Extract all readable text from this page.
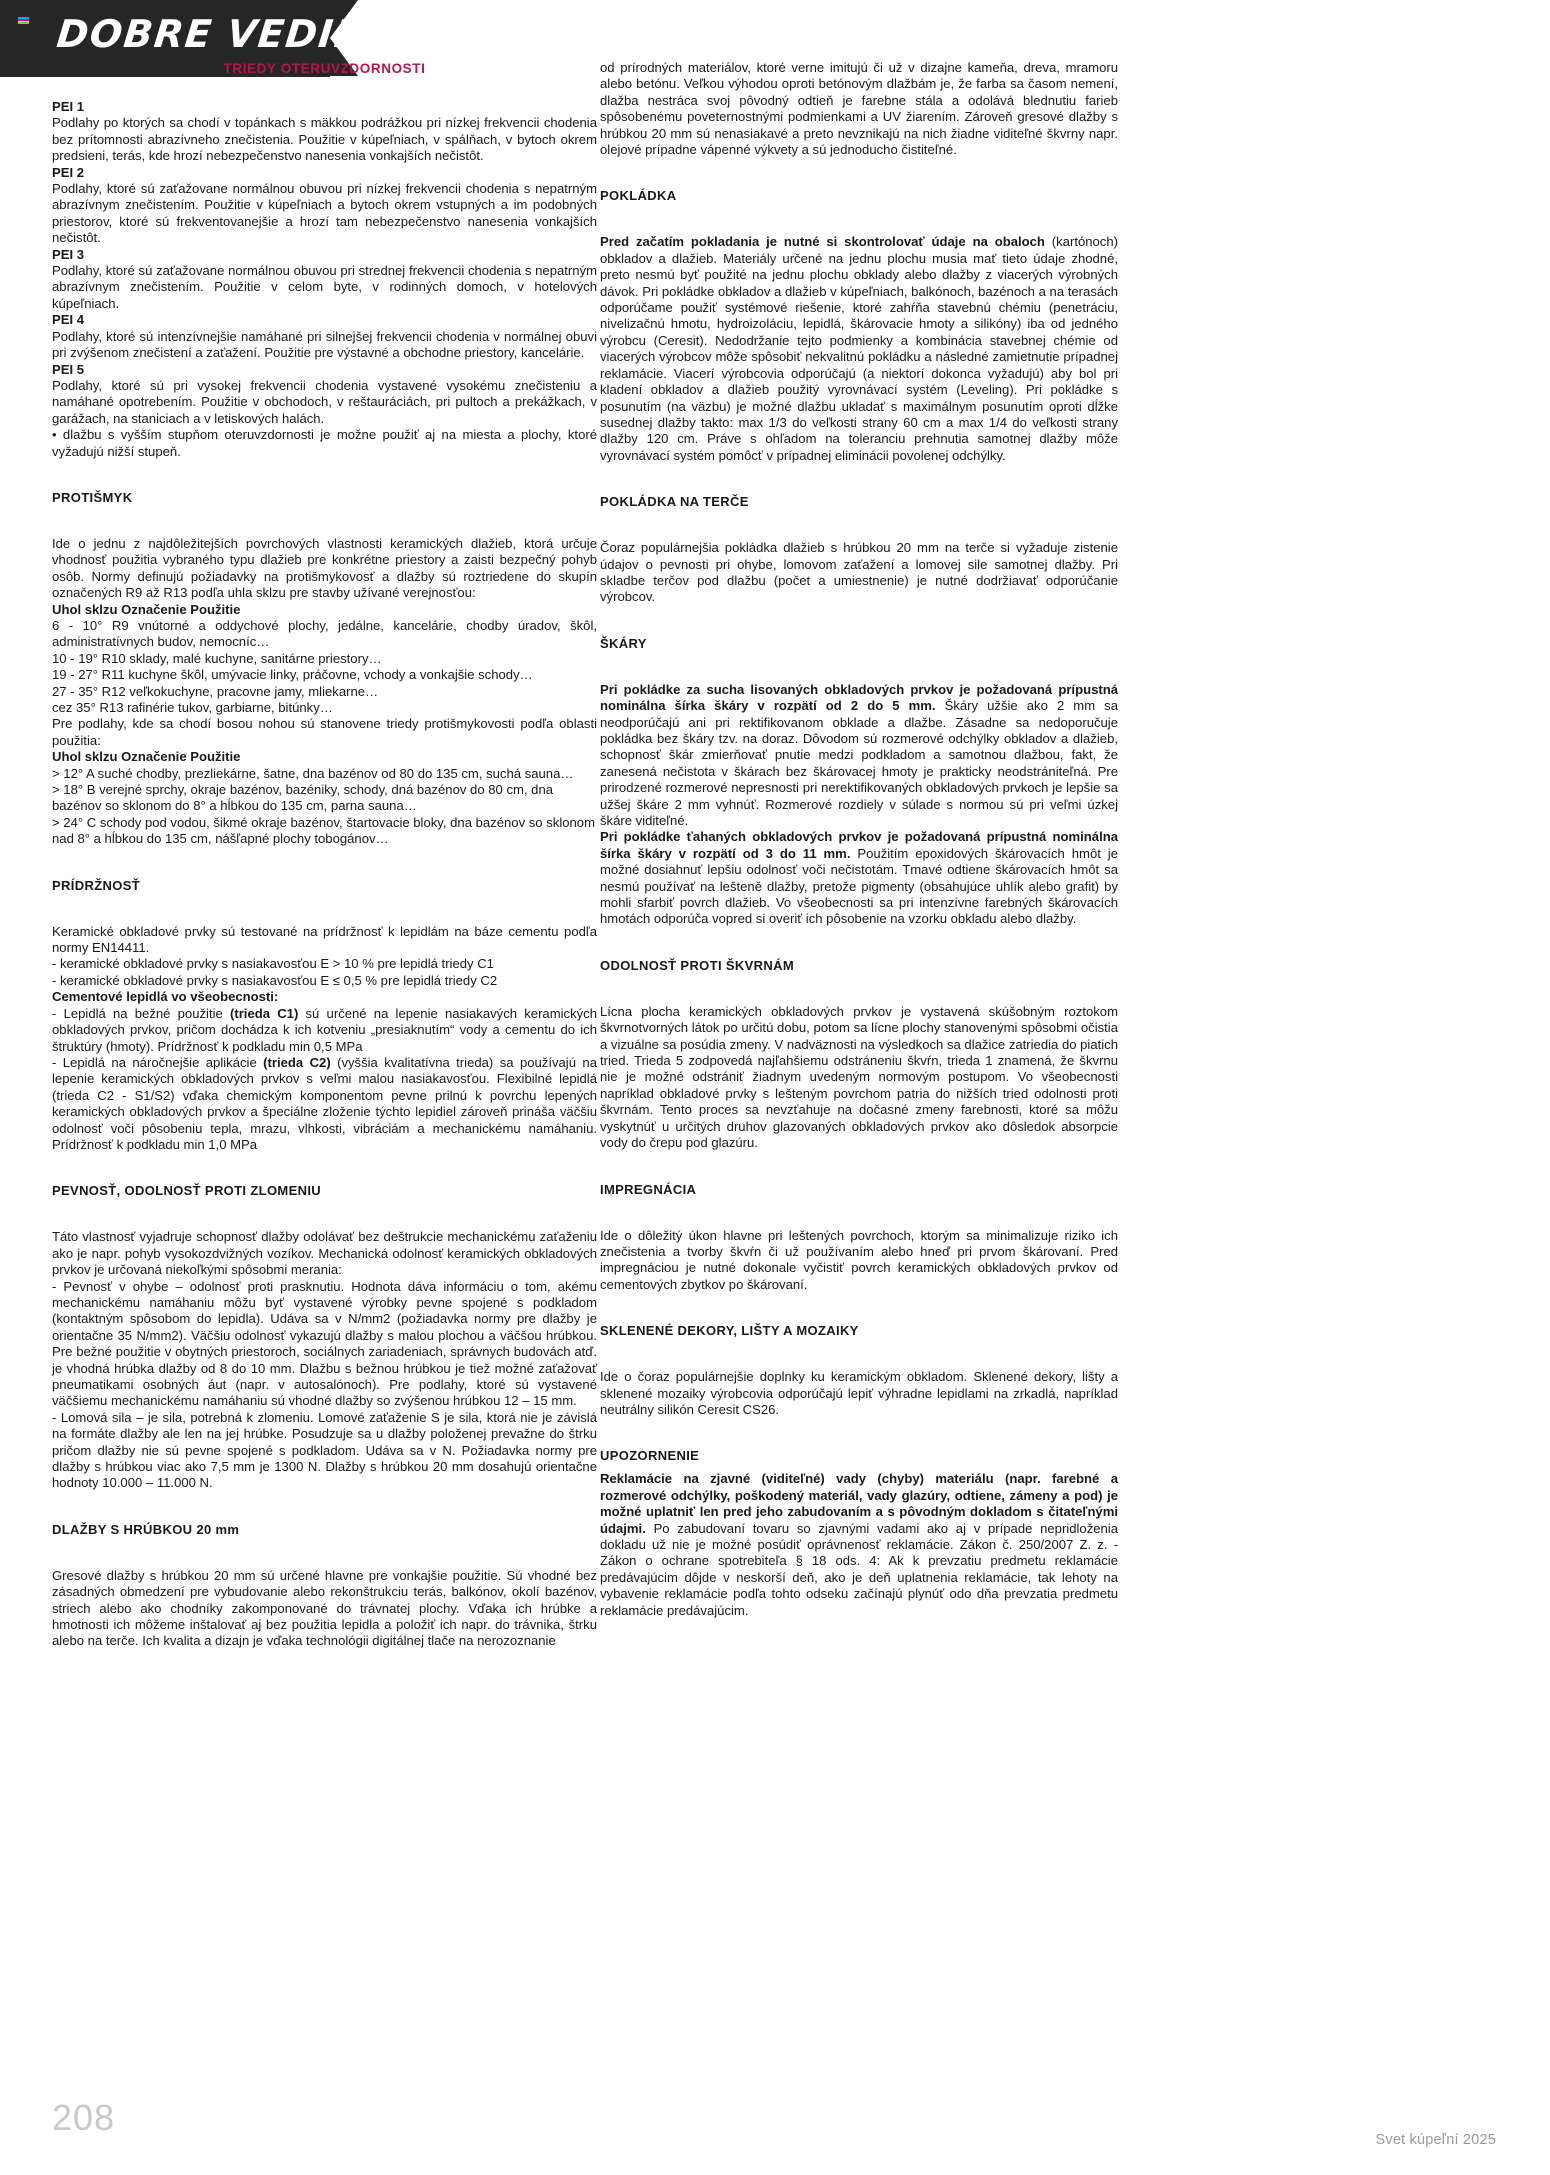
DOBRE VEDIEŤ
TRIEDY OTERUVZDORNOSTI
PEI 1

Podlahy po ktorých sa chodí v topánkach s mäkkou podrážkou pri nízkej frekvencii chodenia bez prítomnosti abrazívneho znečistenia. Použitie v kúpeľniach, v spálňach, v bytoch okrem predsieni, terás, kde hrozí nebezpečenstvo nanesenia vonkajších nečistôt.

PEI 2

Podlahy, ktoré sú zaťažovane normálnou obuvou pri nízkej frekvencii chodenia s nepatrným abrazívnym znečistením. Použitie v kúpeľniach a bytoch okrem vstupných a im podobných priestorov, ktoré sú frekventovanejšie a hrozí tam nebezpečenstvo nanesenia vonkajších nečistôt.

PEI 3

Podlahy, ktoré sú zaťažovane normálnou obuvou pri strednej frekvencii chodenia s nepatrným abrazívnym znečistením. Použitie v celom byte, v rodinných domoch, v hotelových kúpeľniach.

PEI 4

Podlahy, ktoré sú intenzívnejšie namáhané pri silnejšej frekvencii chodenia v normálnej obuvi pri zvýšenom znečistení a zaťažení. Použitie pre výstavné a obchodne priestory, kancelárie.

PEI 5

Podlahy, ktoré sú pri vysokej frekvencii chodenia vystavené vysokému znečisteniu a namáhané opotrebením. Použitie v obchodoch, v reštauráciách, pri pultoch a prekážkach, v garážach, na staniciach a v letiskových halách.

• dlažbu s vyšším stupňom oteruvzdornosti je možne použiť aj na miesta a plochy, ktoré vyžadujú nižší stupeň.

PROTIŠMYK

Ide o jednu z najdôležitejších povrchových vlastnosti keramických dlažieb, ktorá určuje vhodnosť použitia vybraného typu dlažieb pre konkrétne priestory a zaisti bezpečný pohyb osôb. Normy definujú požiadavky na protišmykovosť a dlažby sú roztriedene do skupín označených R9 až R13 podľa uhla sklzu pre stavby užívané verejnosťou:

Uhol sklzu Označenie Použitie

6 - 10° R9 vnútorné a oddychové plochy, jedálne, kancelárie, chodby úradov, škôl, administratívnych budov, nemocníc…

10 - 19° R10 sklady, malé kuchyne, sanitárne priestory…

19 - 27° R11 kuchyne škôl, umývacie linky, práčovne, vchody a vonkajšie schody…

27 - 35° R12 veľkokuchyne, pracovne jamy, mliekarne…

cez 35° R13 rafinérie tukov, garbiarne, bitúnky…

Pre podlahy, kde sa chodí bosou nohou sú stanovene triedy protišmykovosti podľa oblasti použitia:

Uhol sklzu Označenie Použitie

> 12° A suché chodby, prezliekárne, šatne, dna bazénov od 80 do 135 cm, suchá sauna…

> 18° B verejné sprchy, okraje bazénov, bazéniky, schody, dná bazénov do 80 cm, dna bazénov so sklonom do 8° a hĺbkou do 135 cm, parna sauna…

> 24° C schody pod vodou, šikmé okraje bazénov, štartovacie bloky, dna bazénov so sklonom nad 8° a hĺbkou do 135 cm, nášľapné plochy tobogánov…

PRÍDRŽNOSŤ

Keramické obkladové prvky sú testované na prídržnosť k lepidlám na báze cementu podľa normy EN14411.

- keramické obkladové prvky s nasiakavosťou E > 10 % pre lepidlá triedy C1

- keramické obkladové prvky s nasiakavosťou E ≤ 0,5 % pre lepidlá triedy C2

Cementové lepidlá vo všeobecnosti:

- Lepidlá na bežné použitie (trieda C1) sú určené na lepenie nasiakavých keramických obkladových prvkov, pričom dochádza k ich kotveniu „presiaknutím“ vody a cementu do ich štruktúry (hmoty). Prídržnosť k podkladu min 0,5 MPa

- Lepidlá na náročnejšie aplikácie (trieda C2) (vyššia kvalitatívna trieda) sa používajú na lepenie keramických obkladových prvkov s veľmi malou nasiakavosťou. Flexibilné lepidlá (trieda C2 - S1/S2) vďaka chemickým komponentom pevne prilnú k povrchu lepených keramických obkladových prvkov a špeciálne zloženie týchto lepidiel zároveň prináša väčšiu odolnosť voči pôsobeniu tepla, mrazu, vlhkosti, vibráciám a mechanickému namáhaniu. Prídržnosť k podkladu min 1,0 MPa

PEVNOSŤ, ODOLNOSŤ PROTI ZLOMENIU

Táto vlastnosť vyjadruje schopnosť dlažby odolávať bez deštrukcie mechanickému zaťaženiu ako je napr. pohyb vysokozdvižných vozíkov. Mechanická odolnosť keramických obkladových prvkov je určovaná niekoľkými spôsobmi merania:

- Pevnosť v ohybe – odolnosť proti prasknutiu. Hodnota dáva informáciu o tom, akému mechanickému namáhaniu môžu byť vystavené výrobky pevne spojené s podkladom (kontaktným spôsobom do lepidla). Udáva sa v N/mm2 (požiadavka normy pre dlažby je orientačne 35 N/mm2). Väčšiu odolnosť vykazujú dlažby s malou plochou a väčšou hrúbkou. Pre bežné použitie v obytných priestoroch, sociálnych zariadeniach, správnych budovách atď. je vhodná hrúbka dlažby od 8 do 10 mm. Dlažbu s bežnou hrúbkou je tiež možné zaťažovať pneumatikami osobných áut (napr. v autosalónoch). Pre podlahy, ktoré sú vystavené väčšiemu mechanickému namáhaniu sú vhodné dlažby so zvýšenou hrúbkou 12 – 15 mm.

- Lomová sila – je sila, potrebná k zlomeniu. Lomové zaťaženie S je sila, ktorá nie je závislá na formáte dlažby ale len na jej hrúbke. Posudzuje sa u dlažby položenej prevažne do štrku pričom dlažby nie sú pevne spojené s podkladom. Udáva sa v N. Požiadavka normy pre dlažby s hrúbkou viac ako 7,5 mm je 1300 N. Dlažby s hrúbkou 20 mm dosahujú orientačne hodnoty 10.000 – 11.000 N.

DLAŽBY S HRÚBKOU 20 mm

Gresové dlažby s hrúbkou 20 mm sú určené hlavne pre vonkajšie použitie. Sú vhodné bez zásadných obmedzení pre vybudovanie alebo rekonštrukciu terás, balkónov, okolí bazénov, striech alebo ako chodníky zakomponované do trávnatej plochy. Vďaka ich hrúbke a hmotnosti ich môžeme inštalovať aj bez použitia lepidla a položiť ich napr. do trávnika, štrku alebo na terče. Ich kvalita a dizajn je vďaka technológii digitálnej tlače na nerozoznanie

od prírodných materiálov, ktoré verne imitujú či už v dizajne kameňa, dreva, mramoru alebo betónu. Veľkou výhodou oproti betónovým dlažbám je, že farba sa časom nemení, dlažba nestráca svoj pôvodný odtieň je farebne stála a odolává blednutiu farieb spôsobenému poveternostnými podmienkami a UV žiarením. Zároveň gresové dlažby s hrúbkou 20 mm sú nenasiakavé a preto nevznikajú na nich žiadne viditeľné škvrny napr. olejové prípadne vápenné výkvety a sú jednoducho čistiteľné.

POKLÁDKA

Pred začatím pokladania je nutné si skontrolovať údaje na obaloch (kartónoch) obkladov a dlažieb. Materiály určené na jednu plochu musia mať tieto údaje zhodné, preto nesmú byť použité na jednu plochu obklady alebo dlažby z viacerých výrobných dávok. Pri pokládke obkladov a dlažieb v kúpeľniach, balkónoch, bazénoch a na terasách odporúčame použiť systémové riešenie, ktoré zahŕňa stavebnú chémiu (penetráciu, nivelizačnú hmotu, hydroizoláciu, lepidlá, škárovacie hmoty a silikóny) iba od jedného výrobcu (Ceresit). Nedodržanie tejto podmienky a kombinácia stavebnej chémie od viacerých výrobcov môže spôsobiť nekvalitnú pokládku a následné zamietnutie prípadnej reklamácie. Viacerí výrobcovia odporúčajú (a niektorí dokonca vyžadujú) aby bol pri kladení obkladov a dlažieb použitý vyrovnávací systém (Leveling). Pri pokládke s posunutím (na väzbu) je možné dlažbu ukladať s maximálnym posunutím oproti dĺžke susednej dlažby takto: max 1/3 do veľkosti strany 60 cm a max 1/4 do veľkosti strany dlažby 120 cm. Práve s ohľadom na toleranciu prehnutia samotnej dlažby môže vyrovnávací systém pomôcť v prípadnej eliminácii povolenej odchýlky.

POKLÁDKA NA TERČE

Čoraz populárnejšia pokládka dlažieb s hrúbkou 20 mm na terče si vyžaduje zistenie údajov o pevnosti pri ohybe, lomovom zaťažení a lomovej sile samotnej dlažby. Pri skladbe terčov pod dlažbu (počet a umiestnenie) je nutné dodržiavať odporúčanie výrobcov.

ŠKÁRY

Pri pokládke za sucha lisovaných obkladových prvkov je požadovaná prípustná nominálna šírka škáry v rozpätí od 2 do 5 mm. Škáry užšie ako 2 mm sa neodporúčajú ani pri rektifikovanom obklade a dlažbe. Zásadne sa nedoporučuje pokládka bez škáry tzv. na doraz. Dôvodom sú rozmerové odchýlky obkladov a dlažieb, schopnosť škár zmierňovať pnutie medzi podkladom a samotnou dlažbou, fakt, že zanesená nečistota v škárach bez škárovacej hmoty je prakticky neodstrániteľná. Pre prirodzené rozmerové nepresnosti pri nerektifikovaných obkladových prvkoch je lepšie sa užšej škáre 2 mm vyhnúť. Rozmerové rozdiely v súlade s normou sú pri veľmi úzkej škáre viditeľné.

Pri pokládke ťahaných obkladových prvkov je požadovaná prípustná nominálna šírka škáry v rozpätí od 3 do 11 mm. Použitím epoxidových škárovacích hmôt je možné dosiahnuť lepšiu odolnosť voči nečistotám. Tmavé odtiene škárovacích hmôt sa nesmú používať na lešteně dlažby, pretože pigmenty (obsahujúce uhlík alebo grafit) by mohli sfarbiť povrch dlažieb. Vo všeobecnosti sa pri intenzívne farebných škárovacích hmotách odporúča vopred si overiť ich pôsobenie na vzorku obkladu alebo dlažby.

ODOLNOSŤ PROTI ŠKVRNÁM

Lícna plocha keramických obkladových prvkov je vystavená skúšobným roztokom škvrnotvorných látok po určitú dobu, potom sa lícne plochy stanovenými spôsobmi očistia a vizuálne sa posúdia zmeny. V nadväznosti na výsledkoch sa dlažice zatriedia do piatich tried. Trieda 5 zodpovedá najľahšiemu odstráneniu škvŕn, trieda 1 znamená, že škvrnu nie je možné odstrániť žiadnym uvedeným normovým postupom. Vo všeobecnosti napríklad obkladové prvky s lešteným povrchom patria do nižších tried odolnosti proti škvrnám. Tento proces sa nevzťahuje na dočasné zmeny farebnosti, ktoré sa môžu vyskytnúť u určitých druhov glazovaných obkladových prvkov ako dôsledok absorpcie vody do črepu pod glazúru.

IMPREGNÁCIA

Ide o dôležitý úkon hlavne pri leštených povrchoch, ktorým sa minimalizuje riziko ich znečistenia a tvorby škvŕn či už používaním alebo hneď pri prvom škárovaní. Pred impregnáciou je nutné dokonale vyčistiť povrch keramických obkladových prvkov od cementových zbytkov po škárovaní.

SKLENENÉ DEKORY, LIŠTY A MOZAIKY

Ide o čoraz populárnejšie doplnky ku keramickým obkladom. Sklenené dekory, lišty a sklenené mozaiky výrobcovia odporúčajú lepiť výhradne lepidlami na zrkadlá, napríklad neutrálny silikón Ceresit CS26.

UPOZORNENIE

Reklamácie na zjavné (viditeľné) vady (chyby) materiálu (napr. farebné a rozmerové odchýlky, poškodený materiál, vady glazúry, odtiene, zámeny a pod) je možné uplatniť len pred jeho zabudovaním a s pôvodným dokladom s čitateľnými údajmi. Po zabudovaní tovaru so zjavnými vadami ako aj v prípade nepridloženia dokladu už nie je možné posúdiť oprávnenosť reklamácie. Zákon č. 250/2007 Z. z. - Zákon o ochrane spotrebiteľa § 18 ods. 4: Ak k prevzatiu predmetu reklamácie predávajúcim dôjde v neskorší deň, ako je deň uplatnenia reklamácie, tak lehoty na vybavenie reklamácie podľa tohto odseku začínajú plynúť odo dňa prevzatia predmetu reklamácie predávajúcim.

208
Svet kúpeľní 2025
